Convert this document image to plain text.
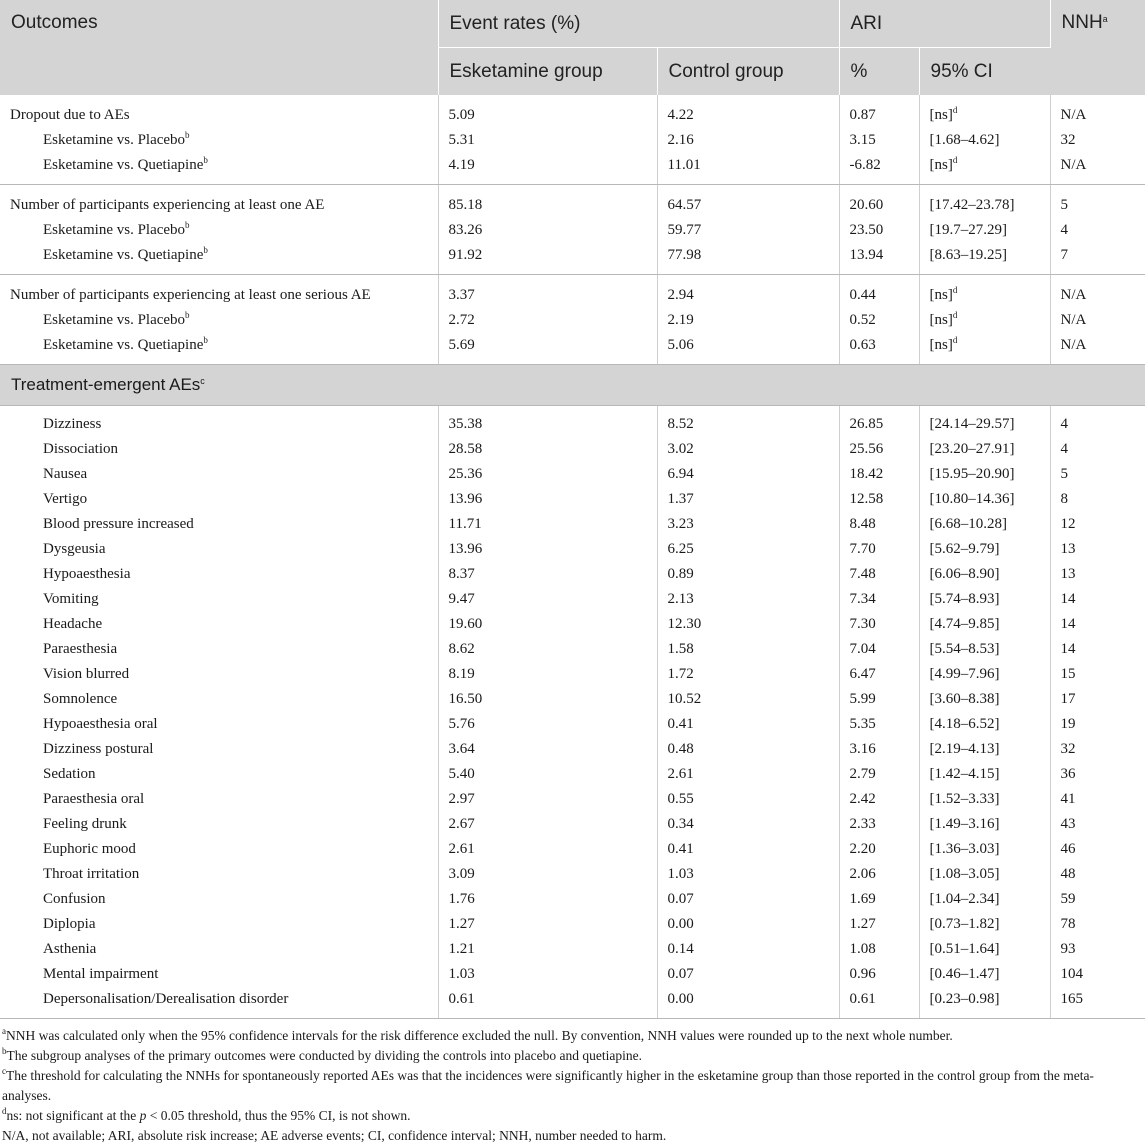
Outcomes	Event rates (%)		ARI		NNH$^a$
	Esketamine group	Control group	%	95% CI	
Dropout due to AEs	5.09	4.22	0.87	[ns]$^d$	N/A
Esketamine vs. Placebo$^b$	5.31	2.16	3.15	[1.68–4.62]	32
Esketamine vs. Quetiapine$^b$	4.19	11.01	-6.82	[ns]$^d$	N/A
Number of participants experiencing at least one AE	85.18	64.57	20.60	[17.42–23.78]	5
Esketamine vs. Placebo$^b$	83.26	59.77	23.50	[19.7–27.29]	4
Esketamine vs. Quetiapine$^b$	91.92	77.98	13.94	[8.63–19.25]	7
Number of participants experiencing at least one serious AE	3.37	2.94	0.44	[ns]$^d$	N/A
Esketamine vs. Placebo$^b$	2.72	2.19	0.52	[ns]$^d$	N/A
Esketamine vs. Quetiapine$^b$	5.69	5.06	0.63	[ns]$^d$	N/A
Treatment-emergent AEs$^c$
Dizziness	35.38	8.52	26.85	[24.14–29.57]	4
Dissociation	28.58	3.02	25.56	[23.20–27.91]	4
Nausea	25.36	6.94	18.42	[15.95–20.90]	5
Vertigo	13.96	1.37	12.58	[10.80–14.36]	8
Blood pressure increased	11.71	3.23	8.48	[6.68–10.28]	12
Dysgeusia	13.96	6.25	7.70	[5.62–9.79]	13
Hypoaesthesia	8.37	0.89	7.48	[6.06–8.90]	13
Vomiting	9.47	2.13	7.34	[5.74–8.93]	14
Headache	19.60	12.30	7.30	[4.74–9.85]	14
Paraesthesia	8.62	1.58	7.04	[5.54–8.53]	14
Vision blurred	8.19	1.72	6.47	[4.99–7.96]	15
Somnolence	16.50	10.52	5.99	[3.60–8.38]	17
Hypoaesthesia oral	5.76	0.41	5.35	[4.18–6.52]	19
Dizziness postural	3.64	0.48	3.16	[2.19–4.13]	32
Sedation	5.40	2.61	2.79	[1.42–4.15]	36
Paraesthesia oral	2.97	0.55	2.42	[1.52–3.33]	41
Feeling drunk	2.67	0.34	2.33	[1.49–3.16]	43
Euphoric mood	2.61	0.41	2.20	[1.36–3.03]	46
Throat irritation	3.09	1.03	2.06	[1.08–3.05]	48
Confusion	1.76	0.07	1.69	[1.04–2.34]	59
Diplopia	1.27	0.00	1.27	[0.73–1.82]	78
Asthenia	1.21	0.14	1.08	[0.51–1.64]	93
Mental impairment	1.03	0.07	0.96	[0.46–1.47]	104
Depersonalisation/Derealisation disorder	0.61	0.00	0.61	[0.23–0.98]	165

$^a$NNH was calculated only when the 95% confidence intervals for the risk difference excluded the null. By convention, NNH values were rounded up to the next whole number.

$^b$The subgroup analyses of the primary outcomes were conducted by dividing the controls into placebo and quetiapine.

$^c$The threshold for calculating the NNHs for spontaneously reported AEs was that the incidences were significantly higher in the esketamine group than those reported in the control group from the meta-analyses.

$^d$ns: not significant at the p < 0.05 threshold, thus the 95% CI, is not shown.

N/A, not available; ARI, absolute risk increase; AE adverse events; CI, confidence interval; NNH, number needed to harm.
